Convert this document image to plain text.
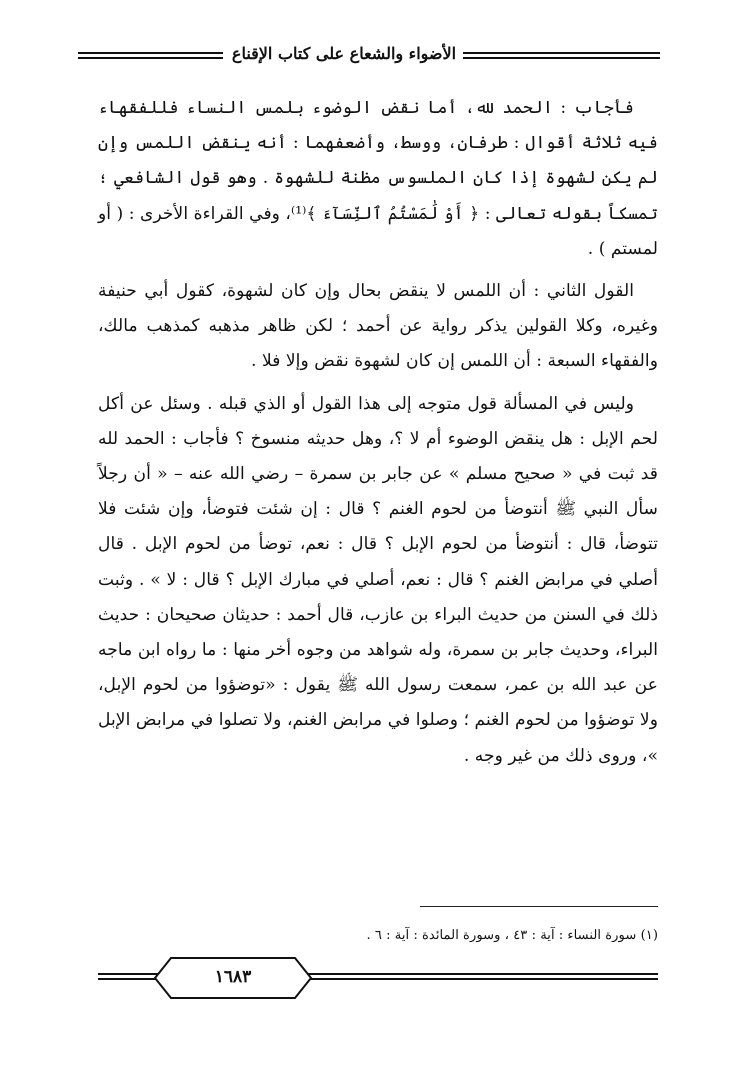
الأضواء والشعاع على كتاب الإقناع

فأجاب : الحمد لله، أما نقض الوضوء بلمس النساء فللفقهاء فيه ثلاثة أقوال : طرفان، ووسط، وأضعفهما : أنه ينقض اللمس وإن لم يكن لشهوة إذا كان الملسوس مظنة للشهوة . وهو قول الشافعي ؛ تمسكاً بقوله تعالى : ﴿ أَوْ لَٰمَسْتُمُ ٱلنِّسَآءَ ﴾⁽¹⁾، وفي القراءة الأخرى : ( أو لمستم ) .

القول الثاني : أن اللمس لا ينقض بحال وإن كان لشهوة، كقول أبي حنيفة وغيره، وكلا القولين يذكر رواية عن أحمد ؛ لكن ظاهر مذهبه كمذهب مالك، والفقهاء السبعة : أن اللمس إن كان لشهوة نقض وإلا فلا .

وليس في المسألة قول متوجه إلى هذا القول أو الذي قبله . وسئل عن أكل لحم الإبل : هل ينقض الوضوء أم لا ؟، وهل حديثه منسوخ ؟ فأجاب : الحمد لله قد ثبت في « صحيح مسلم » عن جابر بن سمرة – رضي الله عنه – « أن رجلاً سأل النبي ﷺ أنتوضأ من لحوم الغنم ؟ قال : إن شئت فتوضأ، وإن شئت فلا تتوضأ، قال : أنتوضأ من لحوم الإبل ؟ قال : نعم، توضأ من لحوم الإبل . قال أصلي في مرابض الغنم ؟ قال : نعم، أصلي في مبارك الإبل ؟ قال : لا » . وثبت ذلك في السنن من حديث البراء بن عازب، قال أحمد : حديثان صحيحان : حديث البراء، وحديث جابر بن سمرة، وله شواهد من وجوه أخر منها : ما رواه ابن ماجه عن عبد الله بن عمر، سمعت رسول الله ﷺ يقول : «توضؤوا من لحوم الإبل، ولا توضؤوا من لحوم الغنم ؛ وصلوا في مرابض الغنم، ولا تصلوا في مرابض الإبل »، وروى ذلك من غير وجه .

(١) سورة النساء : آية : ٤٣ ، وسورة المائدة : آية : ٦ .
١٦٨٣
